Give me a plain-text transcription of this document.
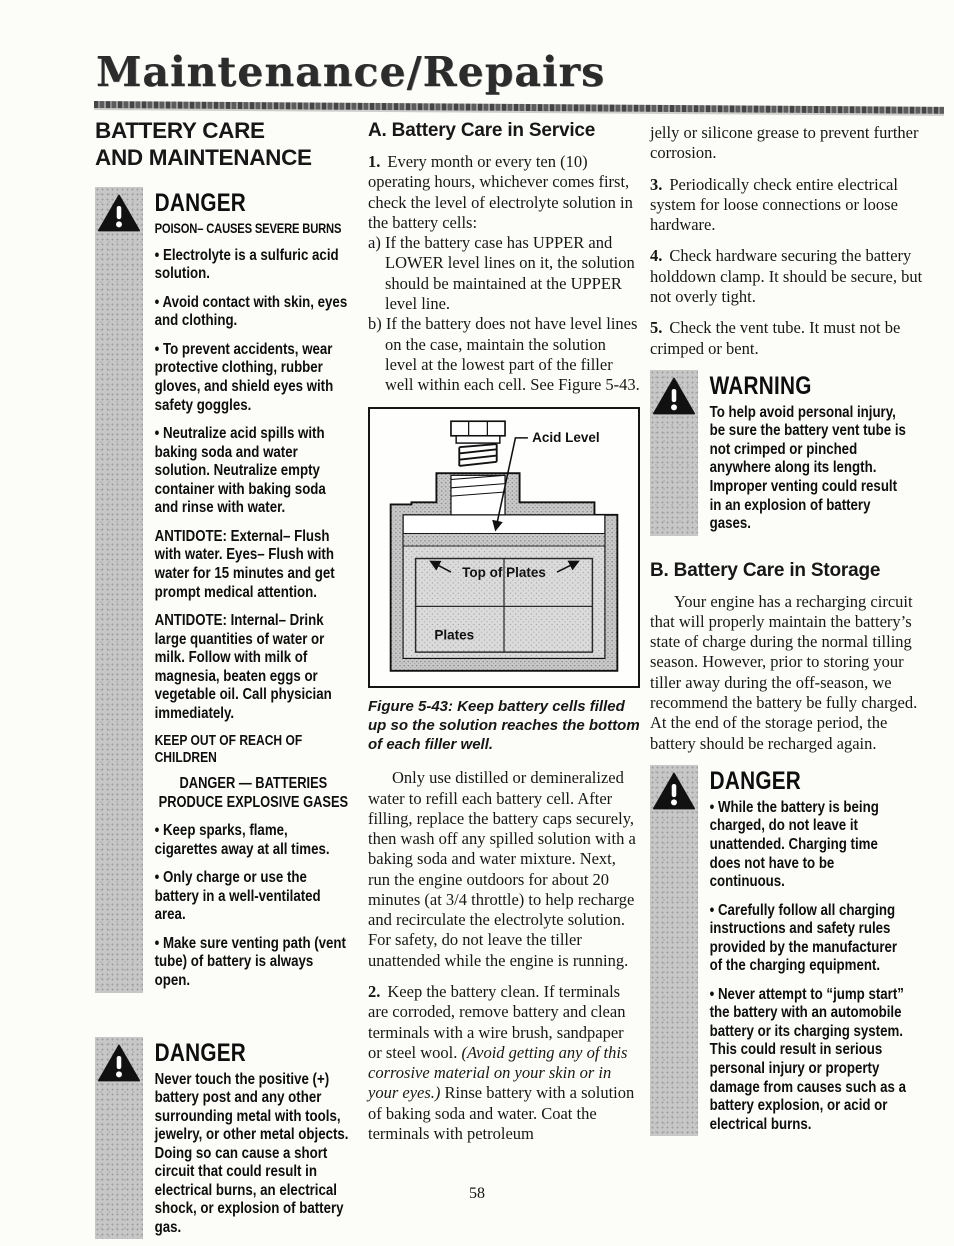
Maintenance/Repairs
BATTERY CARE
AND MAINTENANCE
DANGER
POISON– CAUSES SEVERE BURNS

• Electrolyte is a sulfuric acid solution.

• Avoid contact with skin, eyes and clothing.

• To prevent accidents, wear protective clothing, rubber gloves, and shield eyes with safety goggles.

• Neutralize acid spills with baking soda and water solution. Neutralize empty container with baking soda and rinse with water.

ANTIDOTE: External– Flush with water. Eyes– Flush with water for 15 minutes and get prompt medical attention.

ANTIDOTE: Internal– Drink large quantities of water or milk. Follow with milk of magnesia, beaten eggs or vegetable oil. Call physician immediately.

KEEP OUT OF REACH OF CHILDREN

DANGER — BATTERIES
PRODUCE EXPLOSIVE GASES

• Keep sparks, flame, cigarettes away at all times.

• Only charge or use the battery in a well-ventilated area.

• Make sure venting path (vent tube) of battery is always open.

DANGER

Never touch the positive (+) battery post and any other surrounding metal with tools, jewelry, or other metal objects. Doing so can cause a short circuit that could result in electrical burns, an electrical shock, or explosion of battery gas.

A. Battery Care in Service

1. Every month or every ten (10) operating hours, whichever comes first, check the level of electrolyte solution in the battery cells:

a) If the battery case has UPPER and LOWER level lines on it, the solution should be maintained at the UPPER level line.

b) If the battery does not have level lines on the case, maintain the solution level at the lowest part of the filler well within each cell. See Figure 5-43.

Acid Level
Top of Plates
Plates
Figure 5-43: Keep battery cells filled up so the solution reaches the bottom of each filler well.

Only use distilled or demineralized water to refill each battery cell. After filling, replace the battery caps securely, then wash off any spilled solution with a baking soda and water mixture. Next, run the engine outdoors for about 20 minutes (at 3/4 throttle) to help recharge and recirculate the electrolyte solution. For safety, do not leave the tiller unattended while the engine is running.

2. Keep the battery clean. If terminals are corroded, remove battery and clean terminals with a wire brush, sandpaper or steel wool. (Avoid getting any of this corrosive material on your skin or in your eyes.) Rinse battery with a solution of baking soda and water. Coat the terminals with petroleum

jelly or silicone grease to prevent further corrosion.

3. Periodically check entire electrical system for loose connections or loose hardware.

4. Check hardware securing the battery holddown clamp. It should be secure, but not overly tight.

5. Check the vent tube. It must not be crimped or bent.

WARNING

To help avoid personal injury, be sure the battery vent tube is not crimped or pinched anywhere along its length. Improper venting could result in an explosion of battery gases.

B. Battery Care in Storage

Your engine has a recharging circuit that will properly maintain the battery’s state of charge during the normal tilling season. However, prior to storing your tiller away during the off-season, we recommend the battery be fully charged. At the end of the storage period, the battery should be recharged again.

DANGER

• While the battery is being charged, do not leave it unattended. Charging time does not have to be continuous.

• Carefully follow all charging instructions and safety rules provided by the manufacturer of the charging equipment.

• Never attempt to “jump start” the battery with an automobile battery or its charging system. This could result in serious personal injury or property damage from causes such as a battery explosion, or acid or electrical burns.

58
